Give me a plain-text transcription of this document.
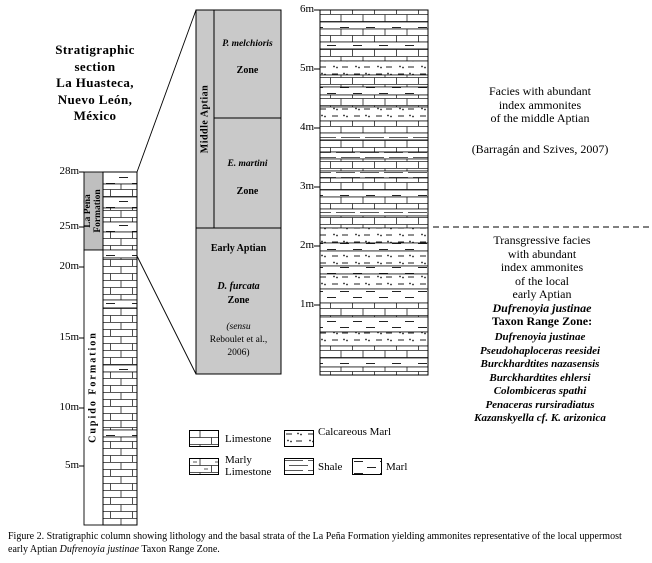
Stratigraphic
section
La Huasteca,
Nuevo León,
México
28m
25m
20m
15m
10m
5m
La Peña Formation
Cupido Formation
Middle Aptian
P. melchioris
Zone
E. martini
Zone
Early Aptian
D. furcata
Zone
(sensu
Reboulet et al.,
2006)
6m
5m
4m
3m
2m
1m
Facies with abundant
index ammonites
of the middle Aptian
(Barragán and Szives, 2007)
Transgressive facies
with abundant
index ammonites
of the local
early Aptian
Dufrenoyia justinae
Taxon Range Zone:
Dufrenoyia justinae
Pseudohaploceras reesidei
Burckhardtites nazasensis
Burckhardtites ehlersi
Colombiceras spathi
Penaceras rursiradiatus
Kazanskyella cf. K. arizonica
Limestone
Calcareous Marl
Marly Limestone	Shale	Marl
Figure 2. Stratigraphic column showing lithology and the basal strata of the La Peña Formation yielding ammonites representative of the local uppermost
early Aptian Dufrenoyia justinae Taxon Range Zone.
